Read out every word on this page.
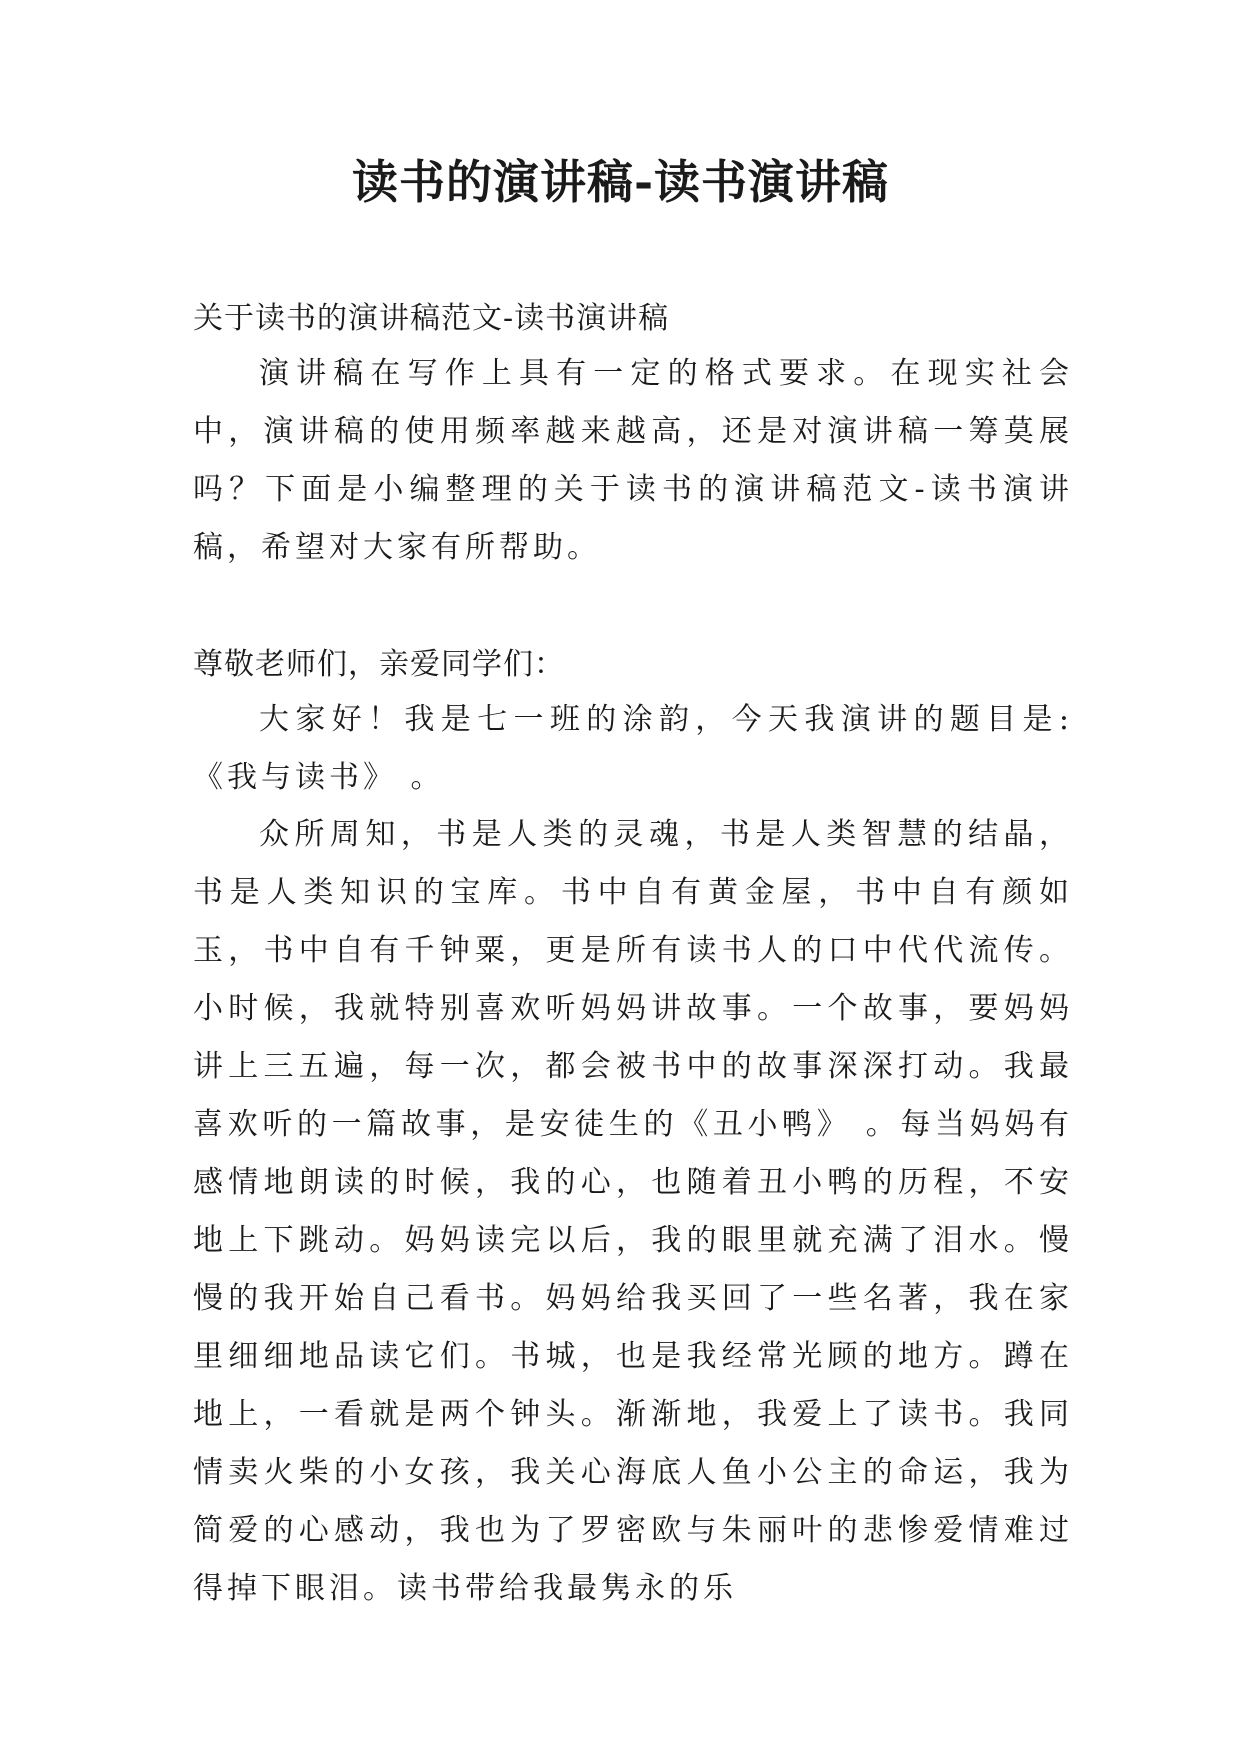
读书的演讲稿-读书演讲稿

关于读书的演讲稿范文-读书演讲稿

演讲稿在写作上具有一定的格式要求。在现实社会中，演讲稿的使用频率越来越高，还是对演讲稿一筹莫展吗？下面是小编整理的关于读书的演讲稿范文-读书演讲稿，希望对大家有所帮助。

尊敬老师们，亲爱同学们：

大家好！我是七一班的涂韵，今天我演讲的题目是:《我与读书》 。

众所周知，书是人类的灵魂，书是人类智慧的结晶，书是人类知识的宝库。书中自有黄金屋，书中自有颜如玉，书中自有千钟粟，更是所有读书人的口中代代流传。小时候，我就特别喜欢听妈妈讲故事。一个故事，要妈妈讲上三五遍，每一次，都会被书中的故事深深打动。我最喜欢听的一篇故事，是安徒生的《丑小鸭》 。每当妈妈有感情地朗读的时候，我的心，也随着丑小鸭的历程，不安地上下跳动。妈妈读完以后，我的眼里就充满了泪水。慢慢的我开始自己看书。妈妈给我买回了一些名著，我在家里细细地品读它们。书城，也是我经常光顾的地方。蹲在地上，一看就是两个钟头。渐渐地，我爱上了读书。我同情卖火柴的小女孩，我关心海底人鱼小公主的命运，我为简爱的心感动，我也为了罗密欧与朱丽叶的悲惨爱情难过得掉下眼泪。读书带给我最隽永的乐
